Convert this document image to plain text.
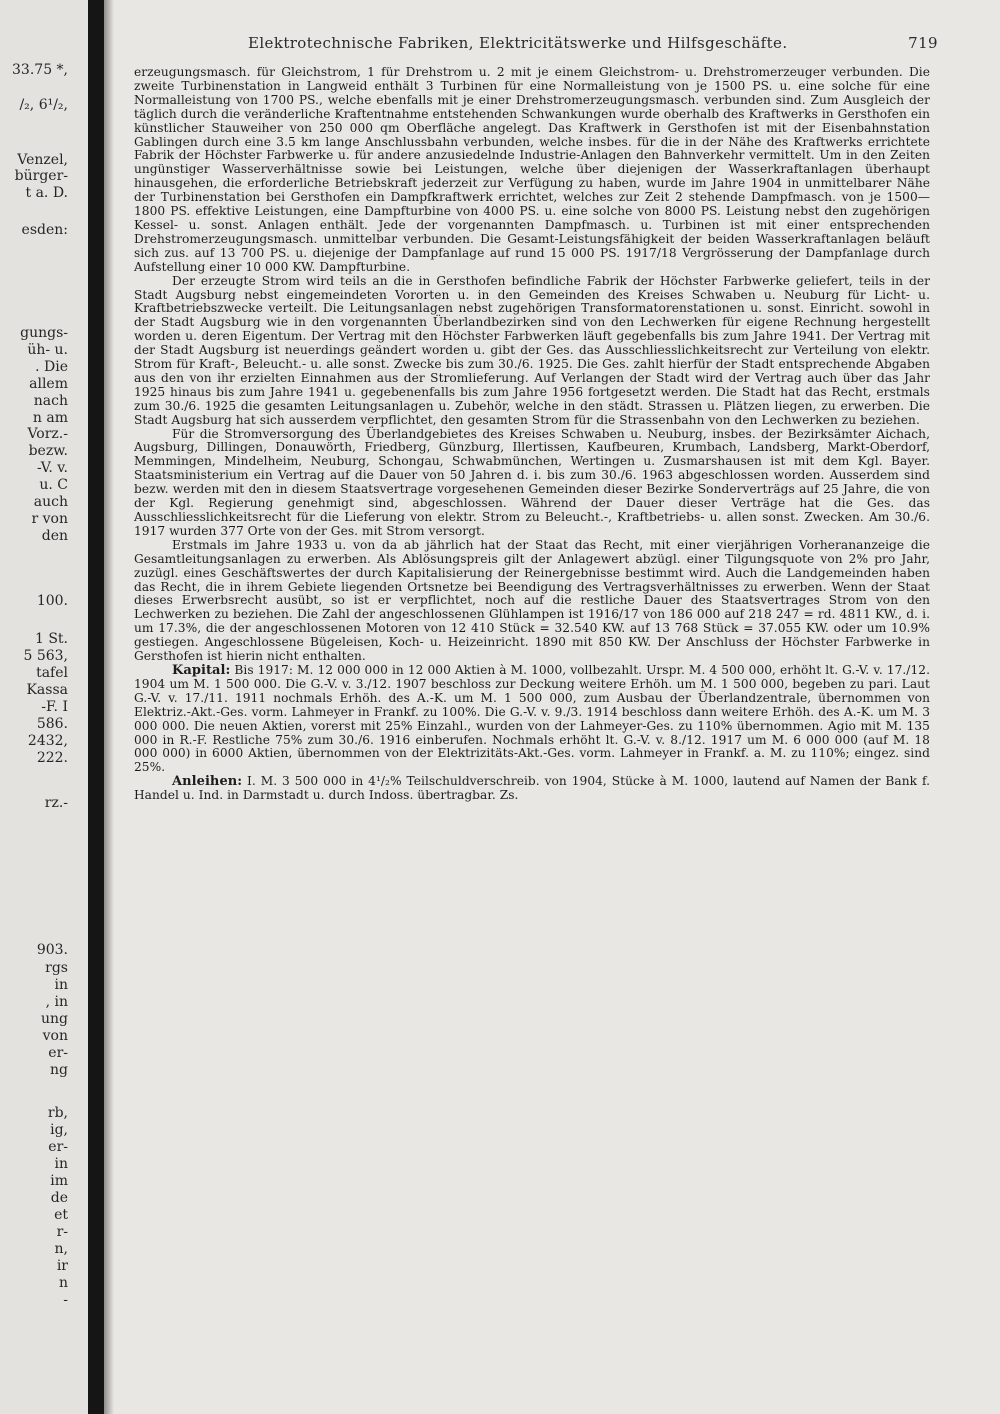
33.75 *,
/₂, 6¹/₂,
Venzel,
bürger-
t a. D.
esden:
gungs-
üh- u.
. Die
allem
nach
n am
Vorz.-
bezw.
-V. v.
u. C
auch
r von
den
100.
1 St.
5 563,
tafel
Kassa
-F. I
586.
2432,
222.
rz.-
903.
rgs
in
, in
ung
von
er-
ng
rb,
ig,
er-
in
im
de
et
r-
n,
ir
n
-
Elektrotechnische Fabriken, Elektricitätswerke und Hilfsgeschäfte.	719

erzeugungsmasch. für Gleichstrom, 1 für Drehstrom u. 2 mit je einem Gleichstrom- u. Drehstromerzeuger verbunden. Die zweite Turbinenstation in Langweid enthält 3 Turbinen für eine Normalleistung von je 1500 PS. u. eine solche für eine Normalleistung von 1700 PS., welche ebenfalls mit je einer Drehstromerzeugungsmasch. verbunden sind. Zum Ausgleich der täglich durch die veränderliche Kraftentnahme entstehenden Schwankungen wurde oberhalb des Kraftwerks in Gersthofen ein künstlicher Stauweiher von 250 000 qm Oberfläche angelegt. Das Kraftwerk in Gersthofen ist mit der Eisenbahnstation Gablingen durch eine 3.5 km lange Anschlussbahn verbunden, welche insbes. für die in der Nähe des Kraftwerks errichtete Fabrik der Höchster Farbwerke u. für andere anzusiedelnde Industrie-Anlagen den Bahnverkehr vermittelt. Um in den Zeiten ungünstiger Wasserverhältnisse sowie bei Leistungen, welche über diejenigen der Wasserkraftanlagen überhaupt hinausgehen, die erforderliche Betriebskraft jederzeit zur Verfügung zu haben, wurde im Jahre 1904 in unmittelbarer Nähe der Turbinenstation bei Gersthofen ein Dampfkraftwerk errichtet, welches zur Zeit 2 stehende Dampfmasch. von je 1500—1800 PS. effektive Leistungen, eine Dampfturbine von 4000 PS. u. eine solche von 8000 PS. Leistung nebst den zugehörigen Kessel- u. sonst. Anlagen enthält. Jede der vorgenannten Dampfmasch. u. Turbinen ist mit einer entsprechenden Drehstromerzeugungsmasch. unmittelbar verbunden. Die Gesamt-Leistungsfähigkeit der beiden Wasserkraftanlagen beläuft sich zus. auf 13 700 PS. u. diejenige der Dampfanlage auf rund 15 000 PS. 1917/18 Vergrösserung der Dampfanlage durch Aufstellung einer 10 000 KW. Dampfturbine.

Der erzeugte Strom wird teils an die in Gersthofen befindliche Fabrik der Höchster Farbwerke geliefert, teils in der Stadt Augsburg nebst eingemeindeten Vororten u. in den Gemeinden des Kreises Schwaben u. Neuburg für Licht- u. Kraftbetriebszwecke verteilt. Die Leitungsanlagen nebst zugehörigen Transformatorenstationen u. sonst. Einricht. sowohl in der Stadt Augsburg wie in den vorgenannten Überlandbezirken sind von den Lechwerken für eigene Rechnung hergestellt worden u. deren Eigentum. Der Vertrag mit den Höchster Farbwerken läuft gegebenfalls bis zum Jahre 1941. Der Vertrag mit der Stadt Augsburg ist neuerdings geändert worden u. gibt der Ges. das Ausschliesslichkeitsrecht zur Verteilung von elektr. Strom für Kraft-, Beleucht.- u. alle sonst. Zwecke bis zum 30./6. 1925. Die Ges. zahlt hierfür der Stadt entsprechende Abgaben aus den von ihr erzielten Einnahmen aus der Stromlieferung. Auf Verlangen der Stadt wird der Vertrag auch über das Jahr 1925 hinaus bis zum Jahre 1941 u. gegebenenfalls bis zum Jahre 1956 fortgesetzt werden. Die Stadt hat das Recht, erstmals zum 30./6. 1925 die gesamten Leitungsanlagen u. Zubehör, welche in den städt. Strassen u. Plätzen liegen, zu erwerben. Die Stadt Augsburg hat sich ausserdem verpflichtet, den gesamten Strom für die Strassenbahn von den Lechwerken zu beziehen.

Für die Stromversorgung des Überlandgebietes des Kreises Schwaben u. Neuburg, insbes. der Bezirksämter Aichach, Augsburg, Dillingen, Donauwörth, Friedberg, Günzburg, Illertissen, Kaufbeuren, Krumbach, Landsberg, Markt-Oberdorf, Memmingen, Mindelheim, Neuburg, Schongau, Schwabmünchen, Wertingen u. Zusmarshausen ist mit dem Kgl. Bayer. Staatsministerium ein Vertrag auf die Dauer von 50 Jahren d. i. bis zum 30./6. 1963 abgeschlossen worden. Ausserdem sind bezw. werden mit den in diesem Staatsvertrage vorgesehenen Gemeinden dieser Bezirke Sonderverträgs auf 25 Jahre, die von der Kgl. Regierung genehmigt sind, abgeschlossen. Während der Dauer dieser Verträge hat die Ges. das Ausschliesslichkeitsrecht für die Lieferung von elektr. Strom zu Beleucht.-, Kraftbetriebs- u. allen sonst. Zwecken. Am 30./6. 1917 wurden 377 Orte von der Ges. mit Strom versorgt.

Erstmals im Jahre 1933 u. von da ab jährlich hat der Staat das Recht, mit einer vierjährigen Vorherananzeige die Gesamtleitungsanlagen zu erwerben. Als Ablösungspreis gilt der Anlagewert abzügl. einer Tilgungsquote von 2% pro Jahr, zuzügl. eines Geschäftswertes der durch Kapitalisierung der Reinergebnisse bestimmt wird. Auch die Landgemeinden haben das Recht, die in ihrem Gebiete liegenden Ortsnetze bei Beendigung des Vertragsverhältnisses zu erwerben. Wenn der Staat dieses Erwerbsrecht ausübt, so ist er verpflichtet, noch auf die restliche Dauer des Staatsvertrages Strom von den Lechwerken zu beziehen. Die Zahl der angeschlossenen Glühlampen ist 1916/17 von 186 000 auf 218 247 = rd. 4811 KW., d. i. um 17.3%, die der angeschlossenen Motoren von 12 410 Stück = 32.540 KW. auf 13 768 Stück = 37.055 KW. oder um 10.9% gestiegen. Angeschlossene Bügeleisen, Koch- u. Heizeinricht. 1890 mit 850 KW. Der Anschluss der Höchster Farbwerke in Gersthofen ist hierin nicht enthalten.

Kapital: Bis 1917: M. 12 000 000 in 12 000 Aktien à M. 1000, vollbezahlt. Urspr. M. 4 500 000, erhöht lt. G.-V. v. 17./12. 1904 um M. 1 500 000. Die G.-V. v. 3./12. 1907 beschloss zur Deckung weitere Erhöh. um M. 1 500 000, begeben zu pari. Laut G.-V. v. 17./11. 1911 nochmals Erhöh. des A.-K. um M. 1 500 000, zum Ausbau der Überlandzentrale, übernommen von Elektriz.-Akt.-Ges. vorm. Lahmeyer in Frankf. zu 100%. Die G.-V. v. 9./3. 1914 beschloss dann weitere Erhöh. des A.-K. um M. 3 000 000. Die neuen Aktien, vorerst mit 25% Einzahl., wurden von der Lahmeyer-Ges. zu 110% übernommen. Agio mit M. 135 000 in R.-F. Restliche 75% zum 30./6. 1916 einberufen. Nochmals erhöht lt. G.-V. v. 8./12. 1917 um M. 6 000 000 (auf M. 18 000 000) in 6000 Aktien, übernommen von der Elektrizitäts-Akt.-Ges. vorm. Lahmeyer in Frankf. a. M. zu 110%; eingez. sind 25%.

Anleihen: I. M. 3 500 000 in 4¹/₂% Teilschuldverschreib. von 1904, Stücke à M. 1000, lautend auf Namen der Bank f. Handel u. Ind. in Darmstadt u. durch Indoss. übertragbar. Zs.
